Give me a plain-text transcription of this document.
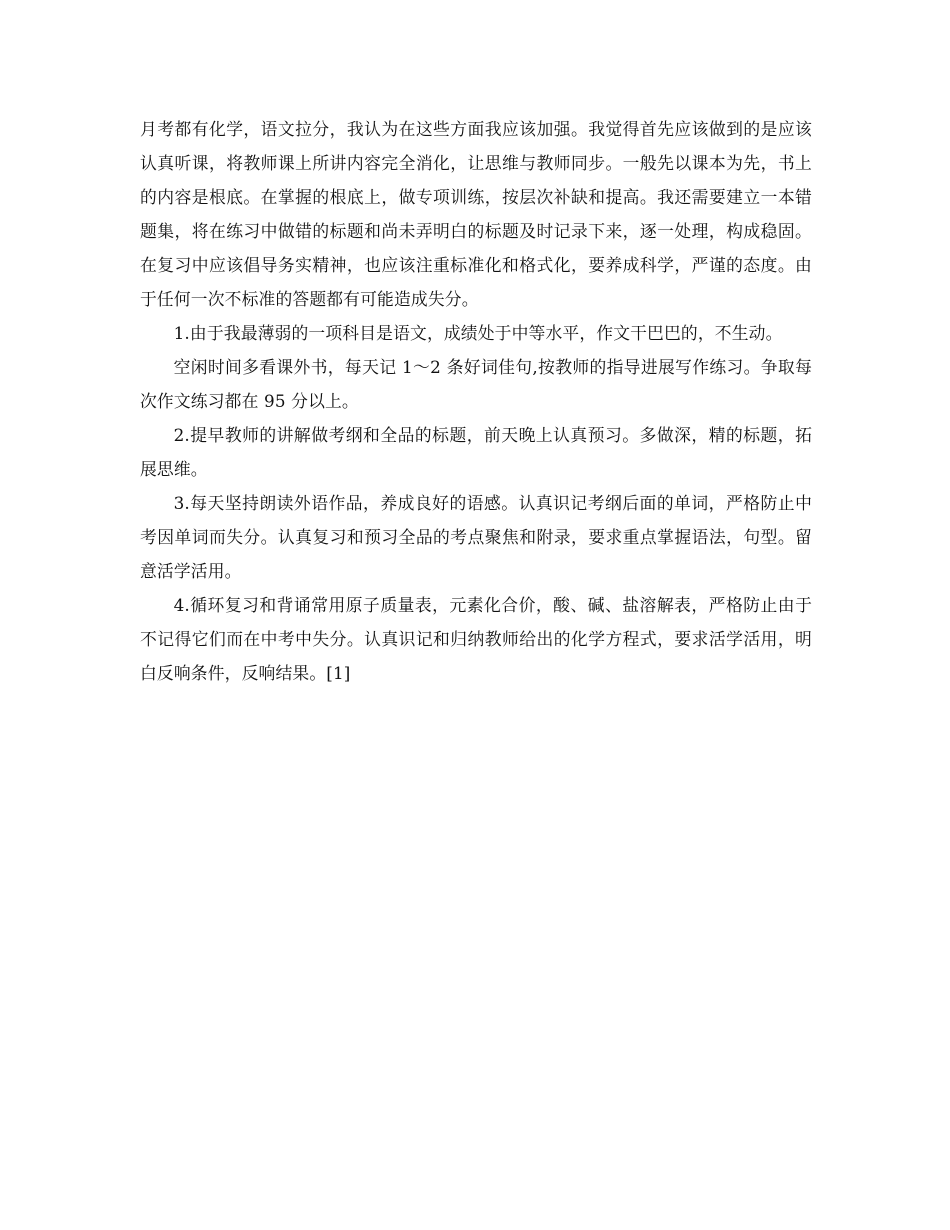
月考都有化学，语文拉分，我认为在这些方面我应该加强。我觉得首先应该做到的是应该认真听课，将教师课上所讲内容完全消化，让思维与教师同步。一般先以课本为先，书上的内容是根底。在掌握的根底上，做专项训练，按层次补缺和提高。我还需要建立一本错题集，将在练习中做错的标题和尚未弄明白的标题及时记录下来，逐一处理，构成稳固。在复习中应该倡导务实精神，也应该注重标准化和格式化，要养成科学，严谨的态度。由于任何一次不标准的答题都有可能造成失分。

1.由于我最薄弱的一项科目是语文，成绩处于中等水平，作文干巴巴的，不生动。

空闲时间多看课外书，每天记 1～2 条好词佳句,按教师的指导进展写作练习。争取每次作文练习都在 95 分以上。

2.提早教师的讲解做考纲和全品的标题，前天晚上认真预习。多做深，精的标题，拓展思维。

3.每天坚持朗读外语作品，养成良好的语感。认真识记考纲后面的单词，严格防止中考因单词而失分。认真复习和预习全品的考点聚焦和附录，要求重点掌握语法，句型。留意活学活用。

4.循环复习和背诵常用原子质量表，元素化合价，酸、碱、盐溶解表，严格防止由于不记得它们而在中考中失分。认真识记和归纳教师给出的化学方程式，要求活学活用，明白反响条件，反响结果。[1]
